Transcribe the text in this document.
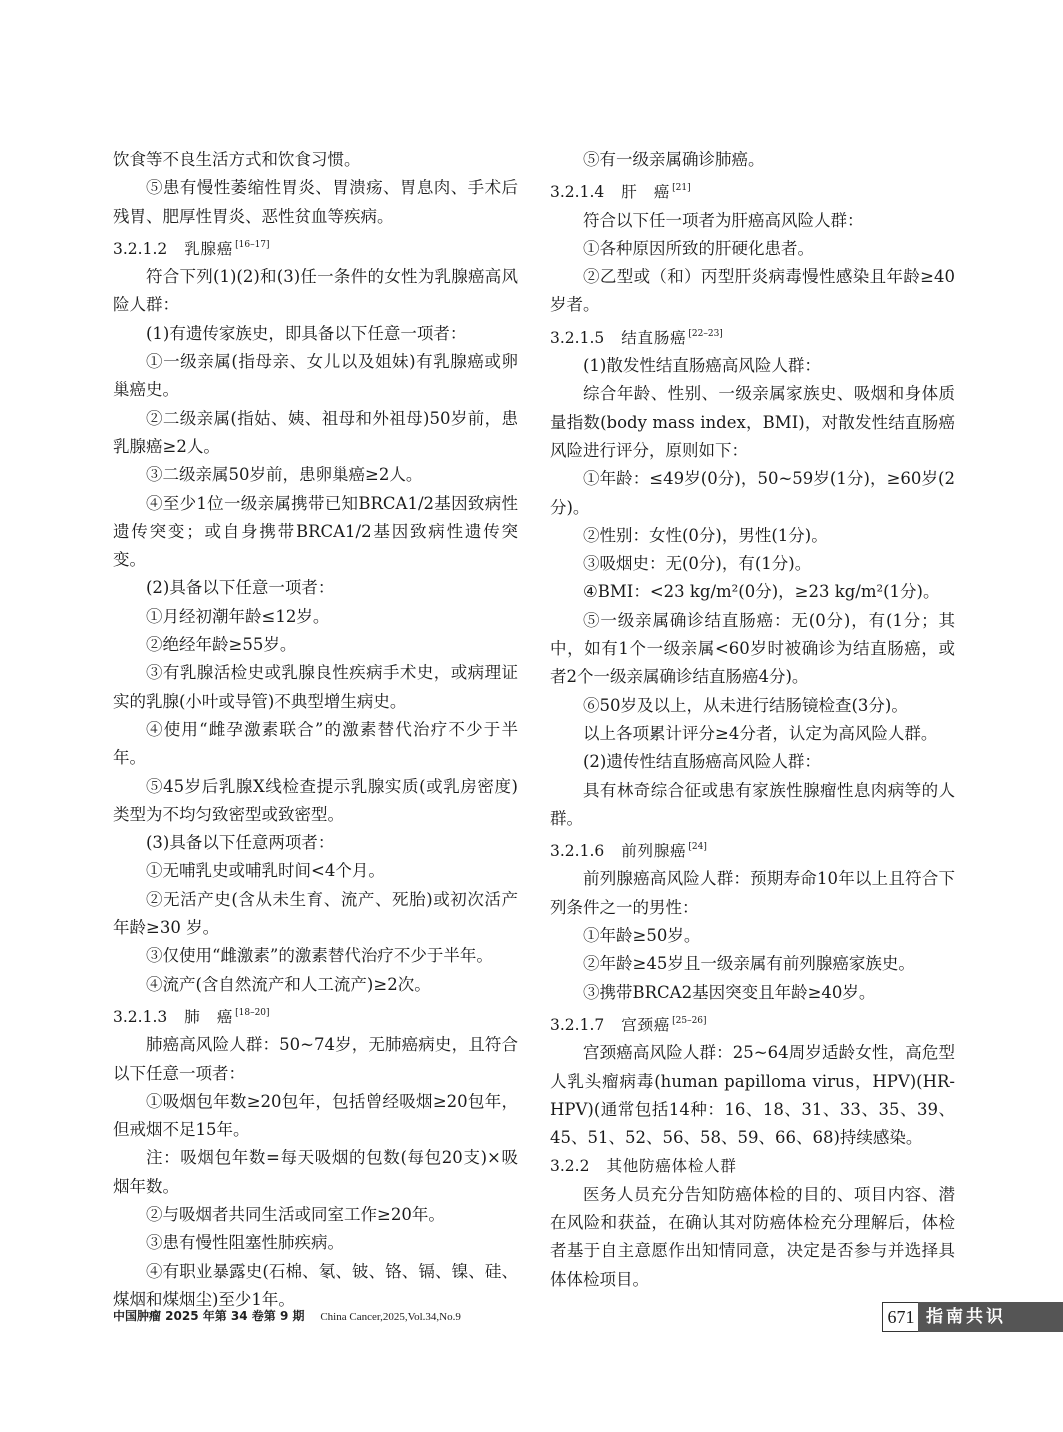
饮食等不良生活方式和饮食习惯。

⑤患有慢性萎缩性胃炎、胃溃疡、胃息肉、手术后残胃、肥厚性胃炎、恶性贫血等疾病。

3.2.1.2 乳腺癌 [16–17]

符合下列(1)(2)和(3)任一条件的女性为乳腺癌高风险人群：

(1)有遗传家族史，即具备以下任意一项者：

①一级亲属(指母亲、女儿以及姐妹)有乳腺癌或卵巢癌史。

②二级亲属(指姑、姨、祖母和外祖母)50岁前，患乳腺癌≥2人。

③二级亲属50岁前，患卵巢癌≥2人。

④至少1位一级亲属携带已知BRCA1/2基因致病性遗传突变；或自身携带BRCA1/2基因致病性遗传突变。

(2)具备以下任意一项者：

①月经初潮年龄≤12岁。

②绝经年龄≥55岁。

③有乳腺活检史或乳腺良性疾病手术史，或病理证实的乳腺(小叶或导管)不典型增生病史。

④使用“雌孕激素联合”的激素替代治疗不少于半年。

⑤45岁后乳腺X线检查提示乳腺实质(或乳房密度)类型为不均匀致密型或致密型。

(3)具备以下任意两项者：

①无哺乳史或哺乳时间<4个月。

②无活产史(含从未生育、流产、死胎)或初次活产年龄≥30 岁。

③仅使用“雌激素”的激素替代治疗不少于半年。

④流产(含自然流产和人工流产)≥2次。

3.2.1.3 肺　癌 [18–20]

肺癌高风险人群：50~74岁，无肺癌病史，且符合以下任意一项者：

①吸烟包年数≥20包年，包括曾经吸烟≥20包年，但戒烟不足15年。

注：吸烟包年数=每天吸烟的包数(每包20支)×吸烟年数。

②与吸烟者共同生活或同室工作≥20年。

③患有慢性阻塞性肺疾病。

④有职业暴露史(石棉、氡、铍、铬、镉、镍、硅、煤烟和煤烟尘)至少1年。

⑤有一级亲属确诊肺癌。

3.2.1.4 肝　癌 [21]

符合以下任一项者为肝癌高风险人群：

①各种原因所致的肝硬化患者。

②乙型或（和）丙型肝炎病毒慢性感染且年龄≥40岁者。

3.2.1.5 结直肠癌 [22–23]

(1)散发性结直肠癌高风险人群：

综合年龄、性别、一级亲属家族史、吸烟和身体质量指数(body mass index，BMI)，对散发性结直肠癌风险进行评分，原则如下：

①年龄：≤49岁(0分)，50~59岁(1分)，≥60岁(2分)。

②性别：女性(0分)，男性(1分)。

③吸烟史：无(0分)，有(1分)。

④BMI：<23 kg/m²(0分)，≥23 kg/m²(1分)。

⑤一级亲属确诊结直肠癌：无(0分)，有(1分；其中，如有1个一级亲属<60岁时被确诊为结直肠癌，或者2个一级亲属确诊结直肠癌4分)。

⑥50岁及以上，从未进行结肠镜检查(3分)。

以上各项累计评分≥4分者，认定为高风险人群。

(2)遗传性结直肠癌高风险人群：

具有林奇综合征或患有家族性腺瘤性息肉病等的人群。

3.2.1.6 前列腺癌 [24]

前列腺癌高风险人群：预期寿命10年以上且符合下列条件之一的男性：

①年龄≥50岁。

②年龄≥45岁且一级亲属有前列腺癌家族史。

③携带BRCA2基因突变且年龄≥40岁。

3.2.1.7 宫颈癌 [25–26]

宫颈癌高风险人群：25~64周岁适龄女性，高危型人乳头瘤病毒(human papilloma virus，HPV)(HR-HPV)(通常包括14种：16、18、31、33、35、39、45、51、52、56、58、59、66、68)持续感染。

3.2.2 其他防癌体检人群

医务人员充分告知防癌体检的目的、项目内容、潜在风险和获益，在确认其对防癌体检充分理解后，体检者基于自主意愿作出知情同意，决定是否参与并选择具体体检项目。

中国肿瘤 2025 年第 34 卷第 9 期 China Cancer,2025,Vol.34,No.9	671 指南共识
